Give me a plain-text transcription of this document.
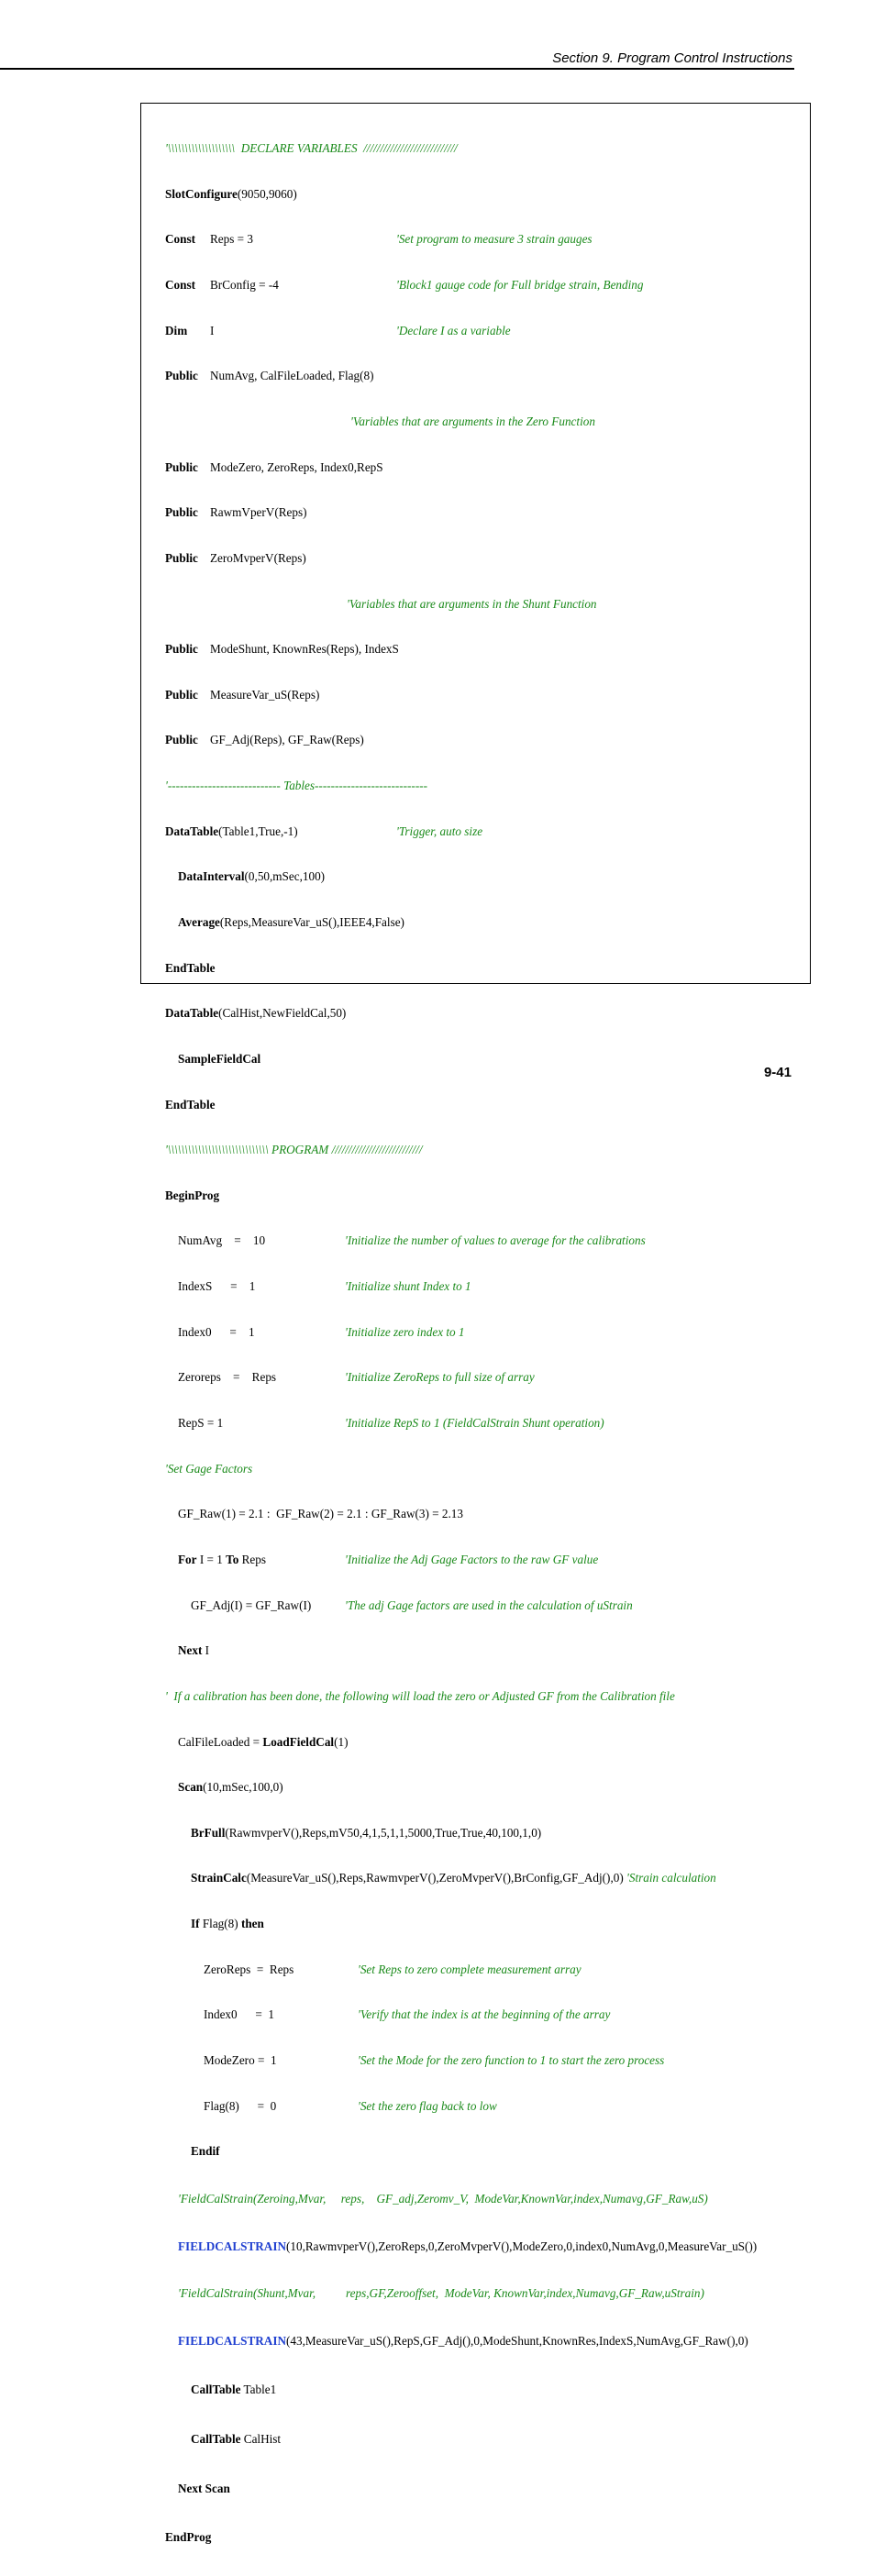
Section 9. Program Control Instructions

'\\\\\\\\\\\\\\\\\\\\  DECLARE VARIABLES  ////////////////////////////

SlotConfigure(9050,9060)

Const Reps = 3	'Set program to measure 3 strain gauges

Const BrConfig = -4	'Block1 gauge code for Full bridge strain, Bending

Dim I	'Declare I as a variable

Public NumAvg, CalFileLoaded, Flag(8)

'Variables that are arguments in the Zero Function

Public ModeZero, ZeroReps, Index0,RepS

Public RawmVperV(Reps)

Public ZeroMvperV(Reps)

'Variables that are arguments in the Shunt Function

Public ModeShunt, KnownRes(Reps), IndexS

Public MeasureVar_uS(Reps)

Public GF_Adj(Reps), GF_Raw(Reps)

'---------------------------- Tables----------------------------

DataTable(Table1,True,-1)	'Trigger, auto size

DataInterval(0,50,mSec,100)

Average(Reps,MeasureVar_uS(),IEEE4,False)

EndTable

DataTable(CalHist,NewFieldCal,50)

SampleFieldCal

EndTable

'\\\\\\\\\\\\\\\\\\\\\\\\\\\\\\ PROGRAM ///////////////////////////

BeginProg

NumAvg    =    10	'Initialize the number of values to average for the calibrations

IndexS      =    1	'Initialize shunt Index to 1

Index0      =    1	'Initialize zero index to 1

Zeroreps    =    Reps	'Initialize ZeroReps to full size of array

RepS = 1	'Initialize RepS to 1 (FieldCalStrain Shunt operation)

'Set Gage Factors

GF_Raw(1) = 2.1 :  GF_Raw(2) = 2.1 : GF_Raw(3) = 2.13

For I = 1 To Reps	'Initialize the Adj Gage Factors to the raw GF value

GF_Adj(I) = GF_Raw(I)	'The adj Gage factors are used in the calculation of uStrain

Next I

'  If a calibration has been done, the following will load the zero or Adjusted GF from the Calibration file

CalFileLoaded = LoadFieldCal(1)

Scan(10,mSec,100,0)

BrFull(RawmvperV(),Reps,mV50,4,1,5,1,1,5000,True,True,40,100,1,0)

StrainCalc(MeasureVar_uS(),Reps,RawmvperV(),ZeroMvperV(),BrConfig,GF_Adj(),0) 'Strain calculation

If Flag(8) then

ZeroReps  =  Reps	'Set Reps to zero complete measurement array

Index0      =  1	'Verify that the index is at the beginning of the array

ModeZero =  1	'Set the Mode for the zero function to 1 to start the zero process

Flag(8)      =  0	'Set the zero flag back to low

Endif

'FieldCalStrain(Zeroing,Mvar,     reps,    GF_adj,Zeromv_V,  ModeVar,KnownVar,index,Numavg,GF_Raw,uS)

FIELDCALSTRAIN(10,RawmvperV(),ZeroReps,0,ZeroMvperV(),ModeZero,0,index0,NumAvg,0,MeasureVar_uS())

'FieldCalStrain(Shunt,Mvar,          reps,GF,Zerooffset,  ModeVar, KnownVar,index,Numavg,GF_Raw,uStrain)

FIELDCALSTRAIN(43,MeasureVar_uS(),RepS,GF_Adj(),0,ModeShunt,KnownRes,IndexS,NumAvg,GF_Raw(),0)

CallTable Table1

CallTable CalHist

Next Scan

EndProg

9-41
